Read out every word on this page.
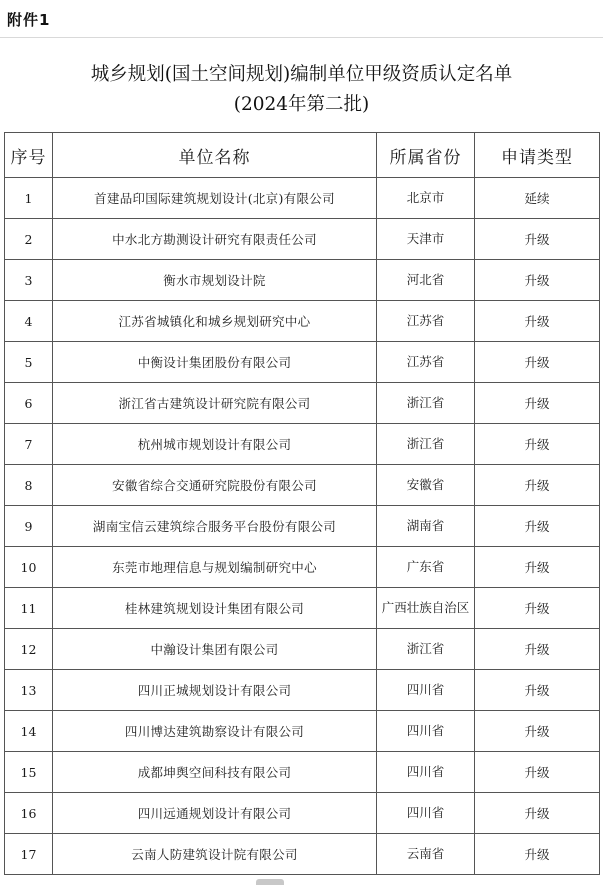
附件1
城乡规划(国土空间规划)编制单位甲级资质认定名单
(2024年第二批)
序号	单位名称	所属省份	申请类型
1	首建品印国际建筑规划设计(北京)有限公司	北京市	延续
2	中水北方勘测设计研究有限责任公司	天津市	升级
3	衡水市规划设计院	河北省	升级
4	江苏省城镇化和城乡规划研究中心	江苏省	升级
5	中衡设计集团股份有限公司	江苏省	升级
6	浙江省古建筑设计研究院有限公司	浙江省	升级
7	杭州城市规划设计有限公司	浙江省	升级
8	安徽省综合交通研究院股份有限公司	安徽省	升级
9	湖南宝信云建筑综合服务平台股份有限公司	湖南省	升级
10	东莞市地理信息与规划编制研究中心	广东省	升级
11	桂林建筑规划设计集团有限公司	广西壮族自治区	升级
12	中瀚设计集团有限公司	浙江省	升级
13	四川正城规划设计有限公司	四川省	升级
14	四川博达建筑勘察设计有限公司	四川省	升级
15	成都坤舆空间科技有限公司	四川省	升级
16	四川远通规划设计有限公司	四川省	升级
17	云南人防建筑设计院有限公司	云南省	升级
